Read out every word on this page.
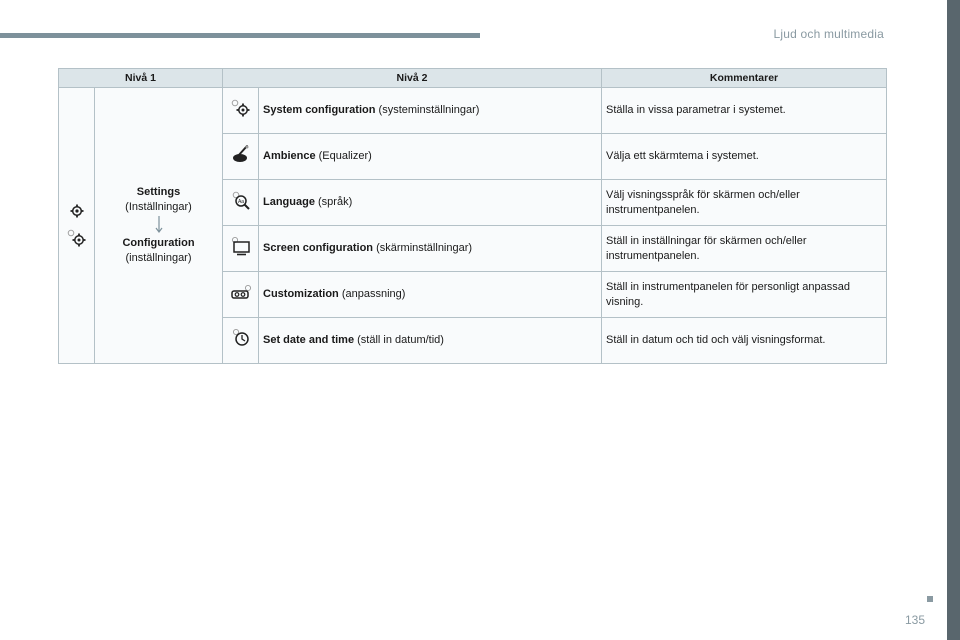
Ljud och multimedia
Nivå 1		Nivå 2		Kommentarer

Settings
(Inställningar)
Configuration
(inställningar)		System configuration (systeminställningar)	Ställa in vissa parametrar i systemet.
	Ambience (Equalizer)	Välja ett skärmtema i systemet.

Aa	Language (språk)	Välj visningsspråk för skärmen och/eller instrumentpanelen.
	Screen configuration (skärminställningar)	Ställ in inställningar för skärmen och/eller instrumentpanelen.
	Customization (anpassning)	Ställ in instrumentpanelen för personligt anpassad visning.
	Set date and time (ställ in datum/tid)	Ställ in datum och tid och välj visningsformat.
135
